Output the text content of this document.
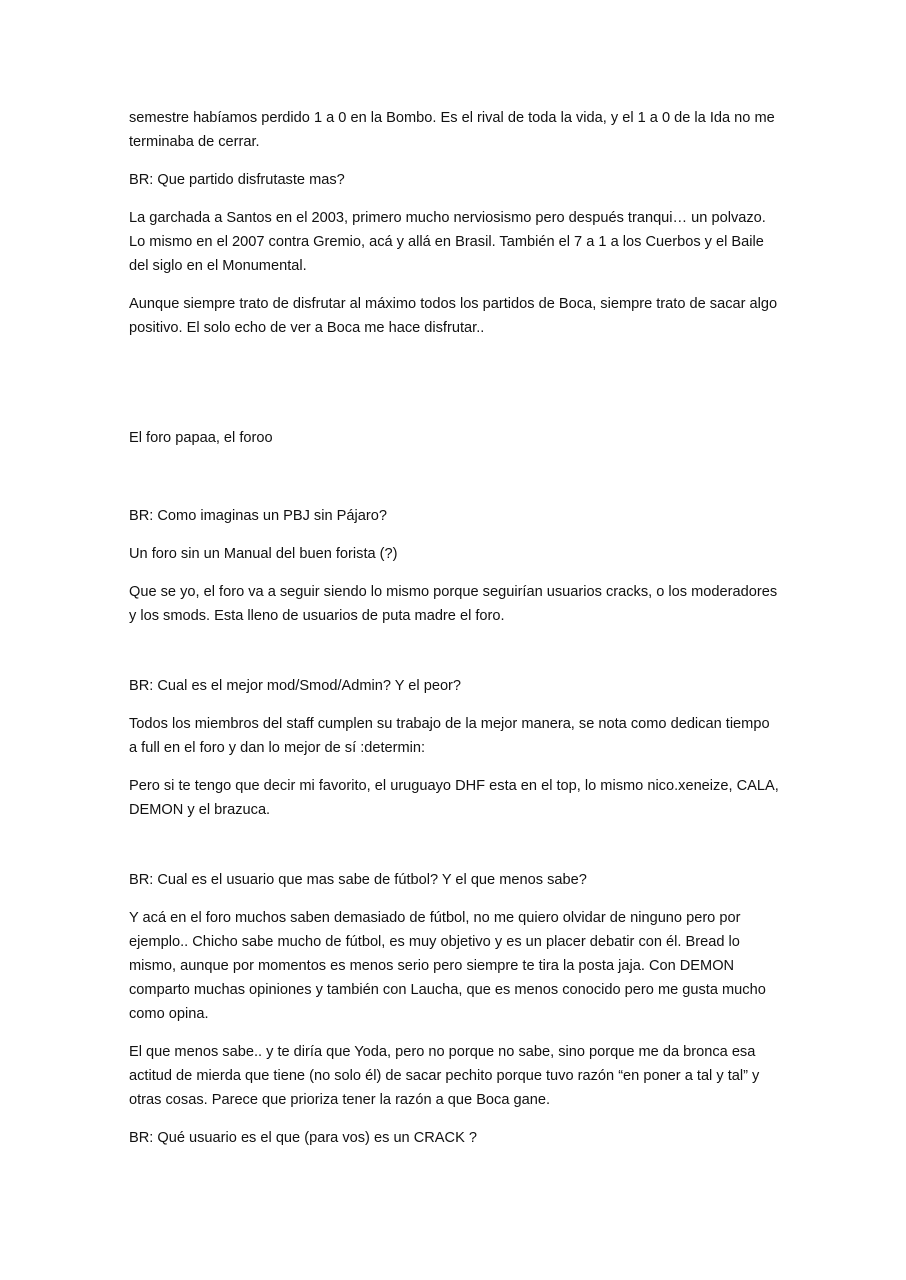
semestre habíamos perdido 1 a 0 en la Bombo. Es el rival de toda la vida, y el 1 a 0 de la Ida no me terminaba de cerrar.

BR: Que partido disfrutaste mas?

La garchada a Santos en el 2003, primero mucho nerviosismo pero después tranqui… un polvazo. Lo mismo en el 2007 contra Gremio, acá y allá en Brasil. También el 7 a 1 a los Cuerbos y el Baile del siglo en el Monumental.

Aunque siempre trato de disfrutar al máximo todos los partidos de Boca, siempre trato de sacar algo positivo. El solo echo de ver a Boca me hace disfrutar..

El foro papaa, el foroo

BR: Como imaginas un PBJ sin Pájaro?

Un foro sin un Manual del buen forista (?)

Que se yo, el foro va a seguir siendo lo mismo porque seguirían usuarios cracks, o los moderadores y los smods. Esta lleno de usuarios de puta madre el foro.

BR: Cual es el mejor mod/Smod/Admin? Y el peor?

Todos los miembros del staff cumplen su trabajo de la mejor manera, se nota como dedican tiempo a full en el foro y dan lo mejor de sí :determin:

Pero si te tengo que decir mi favorito, el uruguayo DHF esta en el top, lo mismo nico.xeneize, CALA, DEMON y el brazuca.

BR: Cual es el usuario que mas sabe de fútbol? Y el que menos sabe?

Y acá en el foro muchos saben demasiado de fútbol, no me quiero olvidar de ninguno pero por ejemplo.. Chicho sabe mucho de fútbol, es muy objetivo y es un placer debatir con él. Bread lo mismo, aunque por momentos es menos serio pero siempre te tira la posta jaja. Con DEMON comparto muchas opiniones y también con Laucha, que es menos conocido pero me gusta mucho como opina.

El que menos sabe.. y te diría que Yoda, pero no porque no sabe, sino porque me da bronca esa actitud de mierda que tiene (no solo él) de sacar pechito porque tuvo razón “en poner a tal y tal” y otras cosas. Parece que prioriza tener la razón a que Boca gane.

BR: Qué usuario es el que (para vos) es un CRACK ?
